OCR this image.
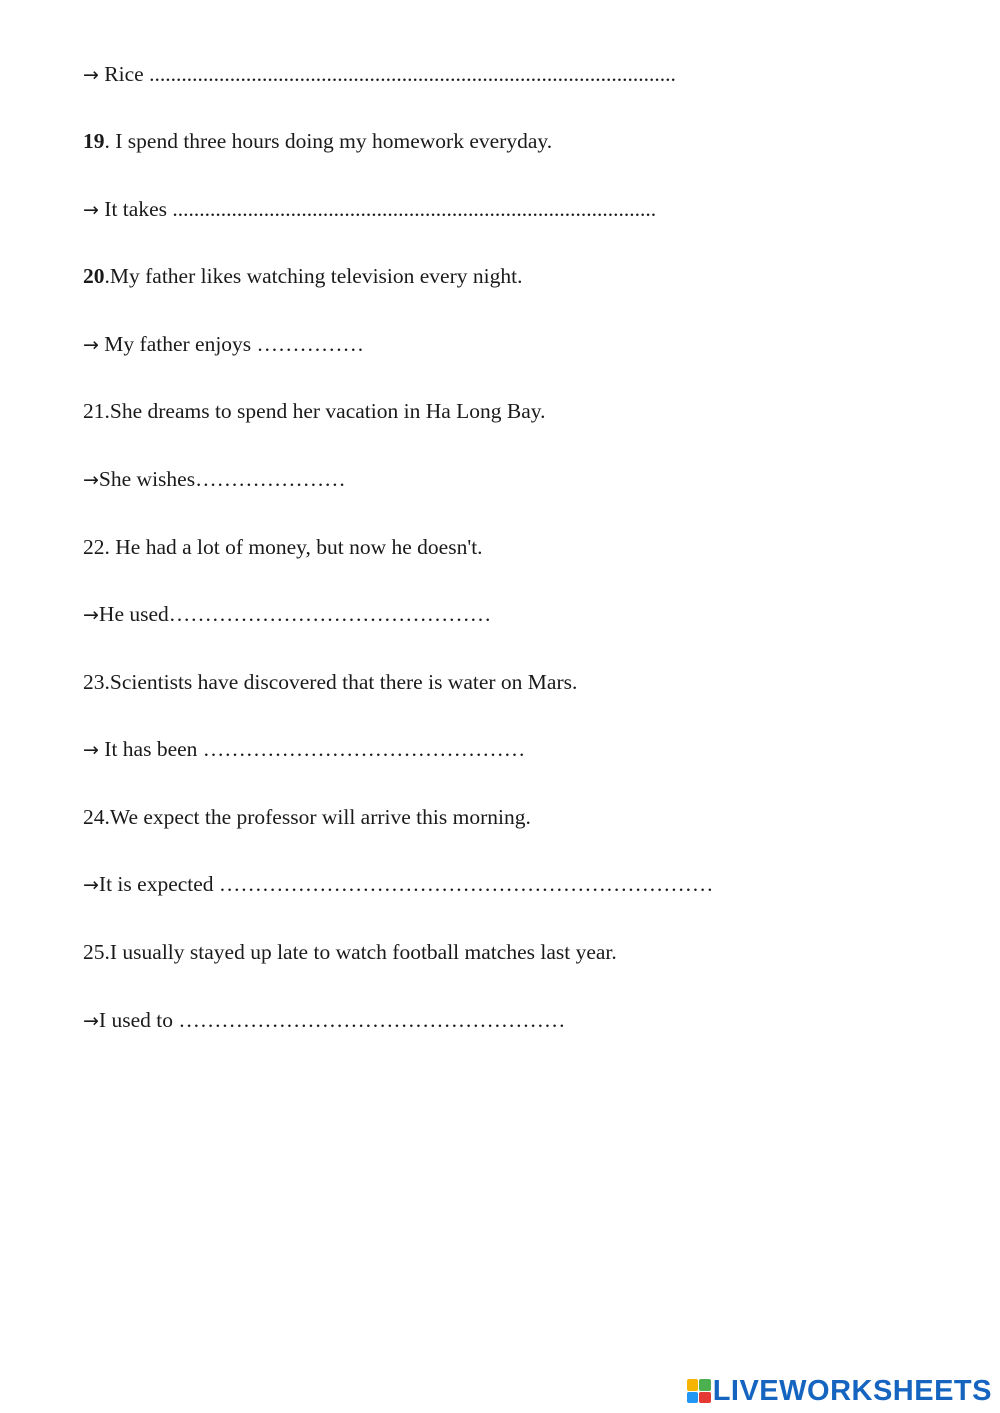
→ Rice ..................................................................................................
19. I spend three hours doing my homework everyday.
→ It takes ..........................................................................................
20.My father likes watching television every night.
→ My father enjoys ……………
21.She dreams to spend her vacation in Ha Long Bay.
→She wishes…………………
22. He had a lot of money, but now he doesn't.
→He used………………………………………
23.Scientists have discovered that there is water on Mars.
→ It has been ………………………………………
24.We expect the professor will arrive this morning.
→It is expected ……………………………………………………………
25.I usually stayed up late to watch football matches last year.
→I used to ………………………………………………
LIVEWORKSHEETS
